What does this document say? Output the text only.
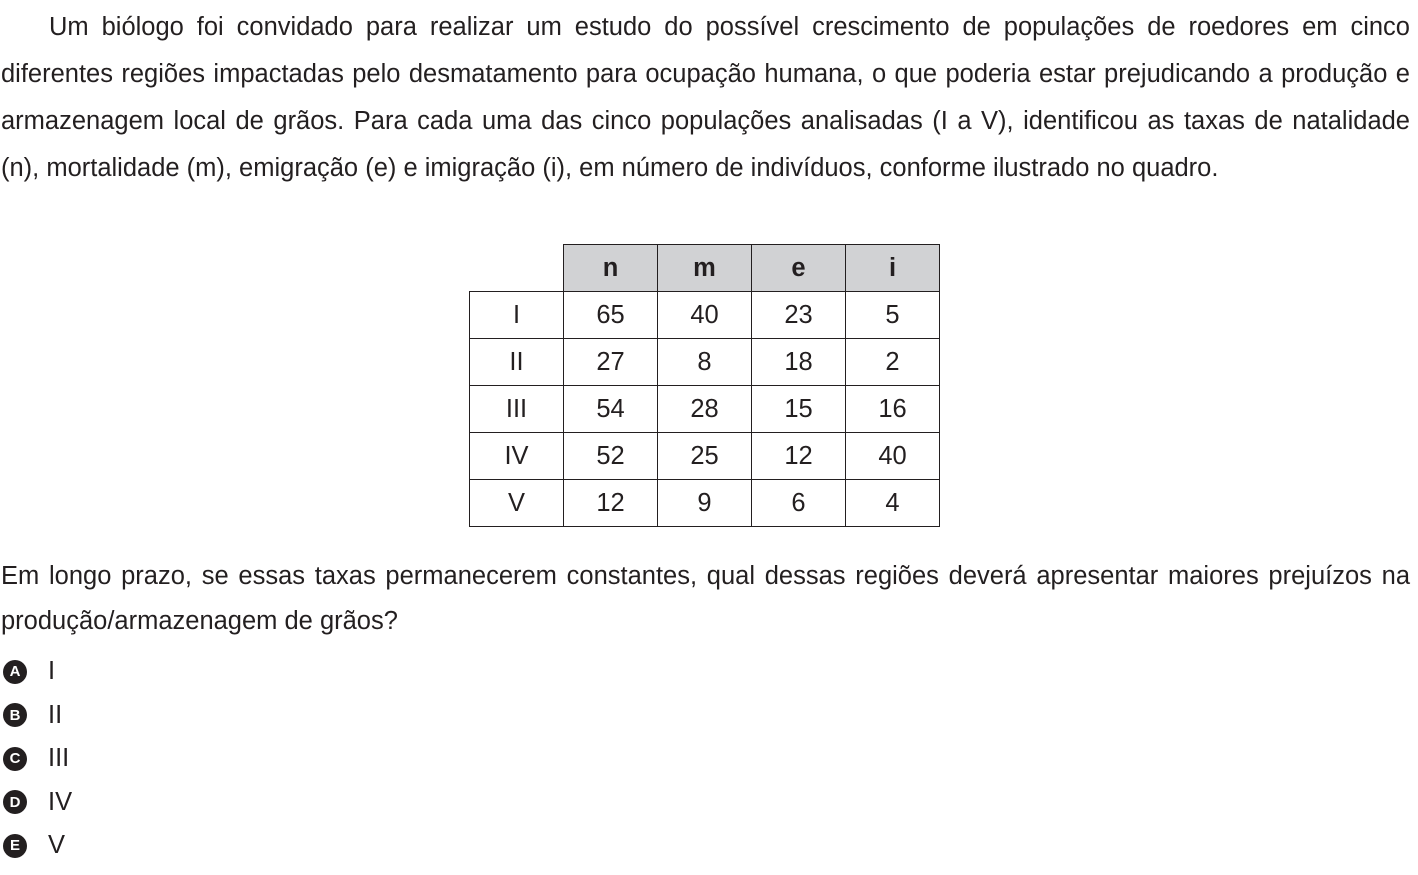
Um biólogo foi convidado para realizar um estudo do possível crescimento de populações de roedores em cinco diferentes regiões impactadas pelo desmatamento para ocupação humana, o que poderia estar prejudicando a produção e armazenagem local de grãos. Para cada uma das cinco populações analisadas (I a V), identificou as taxas de natalidade (n), mortalidade (m), emigração (e) e imigração (i), em número de indivíduos, conforme ilustrado no quadro.

	n	m	e	i
I	65	40	23	5
II	27	8	18	2
III	54	28	15	16
IV	52	25	12	40
V	12	9	6	4

Em longo prazo, se essas taxas permanecerem constantes, qual dessas regiões deverá apresentar maiores prejuízos na produção/armazenagem de grãos?

A I
B II
C III
D IV
E V
